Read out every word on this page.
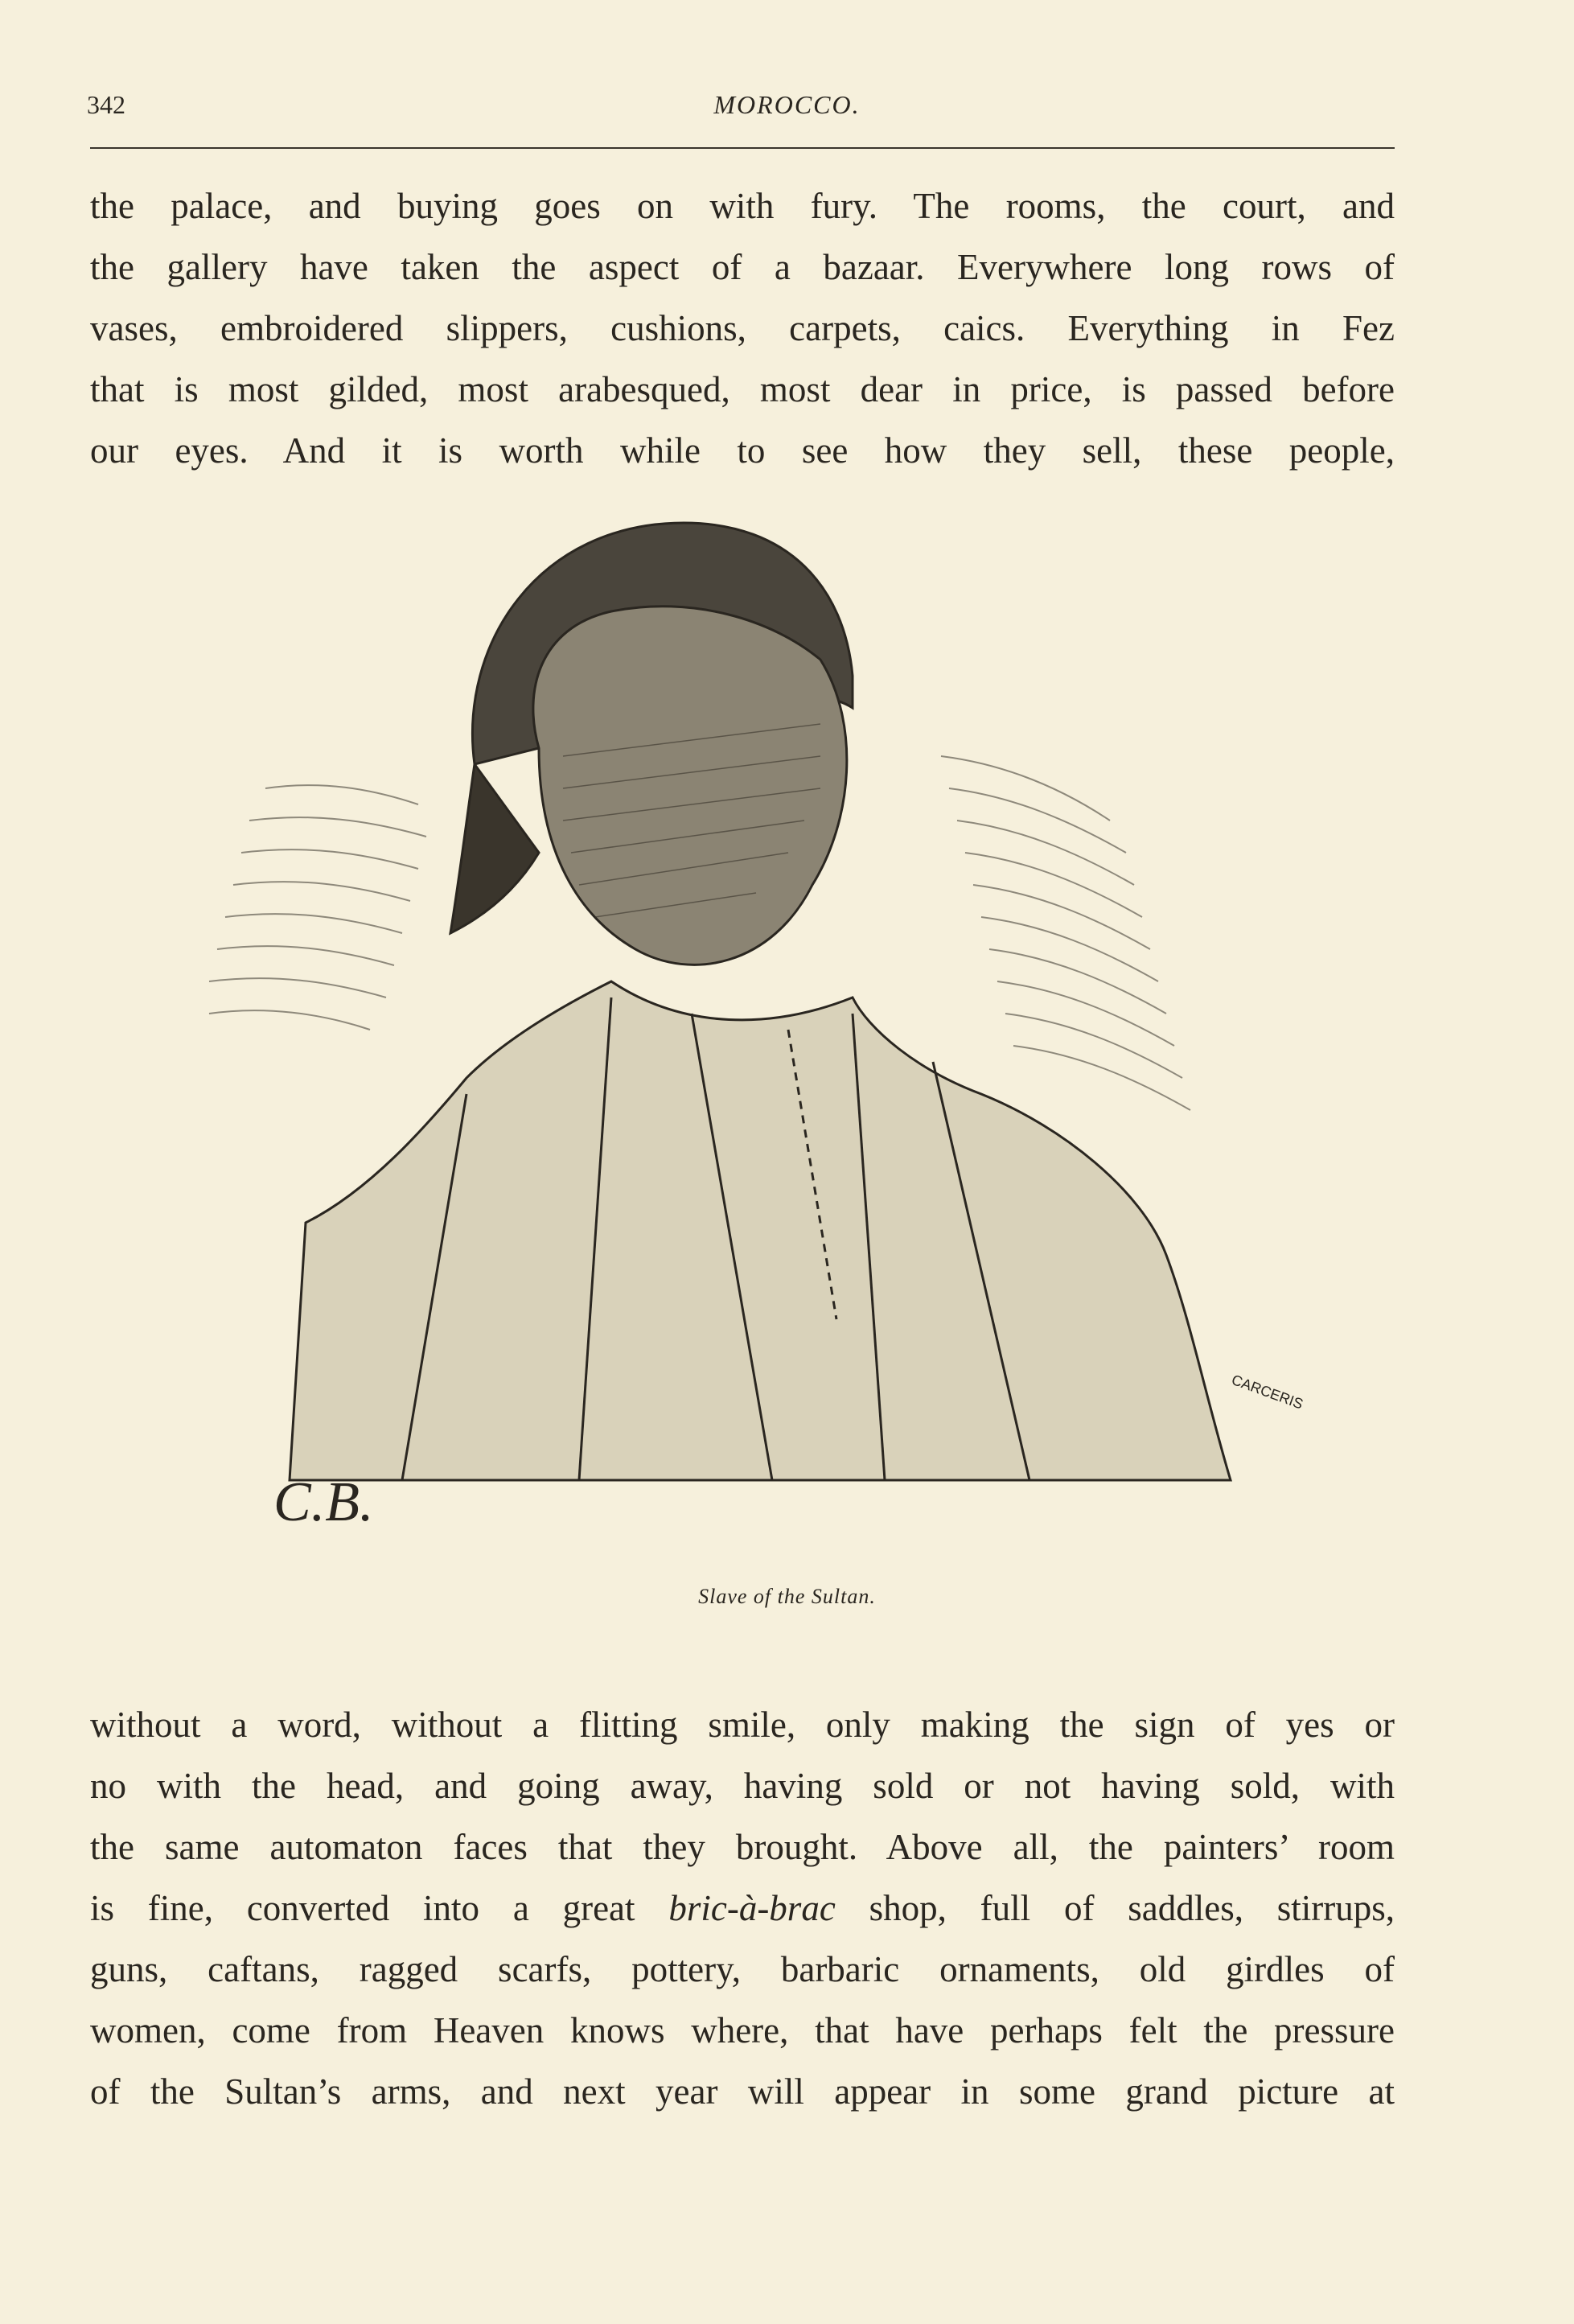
342	MOROCCO.
the palace, and buying goes on with fury. The rooms, the court, and
the gallery have taken the aspect of a bazaar. Everywhere long rows of
vases, embroidered slippers, cushions, carpets, caics. Everything in Fez
that is most gilded, most arabesqued, most dear in price, is passed before
our eyes. And it is worth while to see how they sell, these people,
C.B.
CARCERIS
Slave of the Sultan.
without a word, without a flitting smile, only making the sign of yes or
no with the head, and going away, having sold or not having sold, with
the same automaton faces that they brought. Above all, the painters’ room
is fine, converted into a great bric-à-brac shop, full of saddles, stirrups,
guns, caftans, ragged scarfs, pottery, barbaric ornaments, old girdles of
women, come from Heaven knows where, that have perhaps felt the pressure
of the Sultan’s arms, and next year will appear in some grand picture at
